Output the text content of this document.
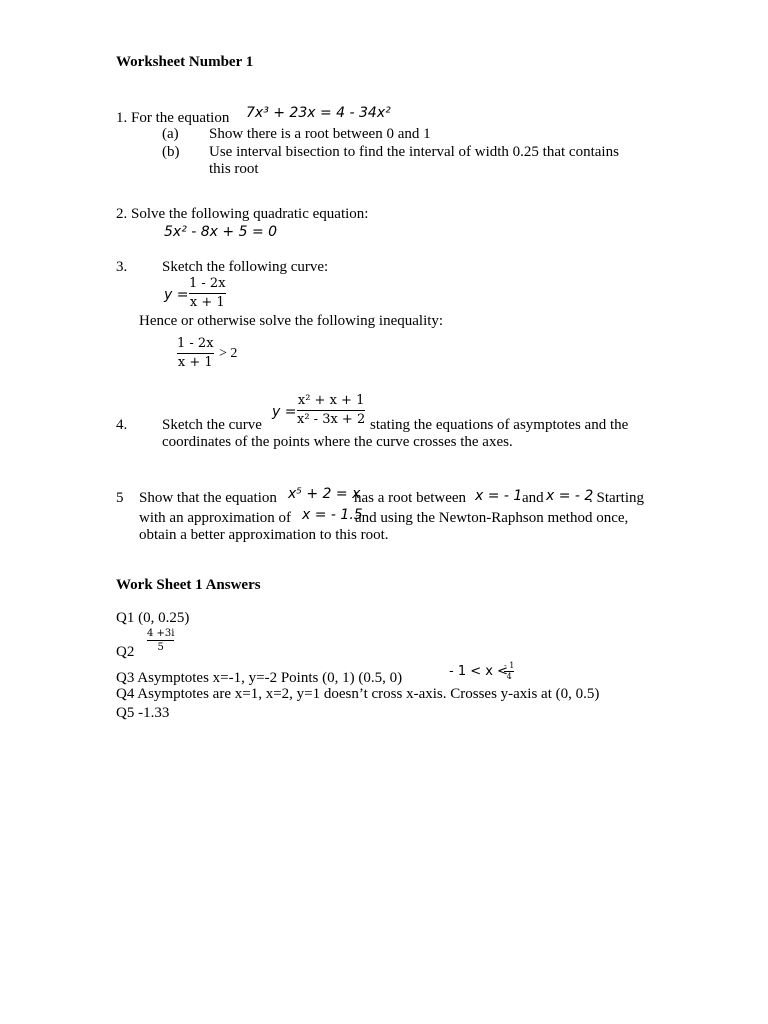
Worksheet Number 1
1. For the equation 7x³ + 23x = 4 - 34x²
(a) Show there is a root between 0 and 1
(b) Use interval bisection to find the interval of width 0.25 that contains
this root
2. Solve the following quadratic equation:
5x² - 8x + 5 = 0
3. Sketch the following curve:
y =
1 - 2x
x + 1
Hence or otherwise solve the following inequality:
1 - 2x
x + 1
> 2
y =
x² + x + 1
x² - 3x + 2
4. Sketch the curve	stating the equations of asymptotes and the
coordinates of the points where the curve crosses the axes.
5 Show that the equation x⁵ + 2 = x
has a root between x = - 1 and x = - 2
. Starting
with an approximation of x = - 1.5
and using the Newton-Raphson method once,
obtain a better approximation to this root.
Work Sheet 1 Answers
Q1 (0, 0.25)
Q2
4 +3i
5
Q3 Asymptotes x=-1, y=-2 Points (0, 1) (0.5, 0)	- 1 < x <
- 1
4
Q4 Asymptotes are x=1, x=2, y=1 doesn’t cross x-axis. Crosses y-axis at (0, 0.5)
Q5 -1.33
